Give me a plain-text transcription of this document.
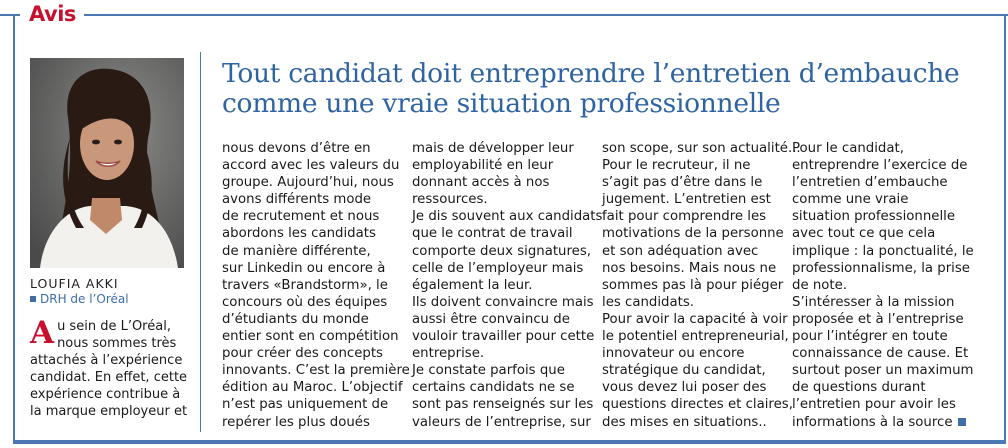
Avis
LOUFIA AKKI
DRH de l’Oréal
A u sein de L’Oréal,
nous sommes très
attachés à l’expérience
candidat. En effet, cette
expérience contribue à
la marque employeur et
Tout candidat doit entreprendre l’entretien d’embauche
comme une vraie situation professionnelle
nous devons d’être en
accord avec les valeurs du
groupe. Aujourd’hui, nous
avons différents mode
de recrutement et nous
abordons les candidats
de manière différente,
sur Linkedin ou encore à
travers «Brandstorm», le
concours où des équipes
d’étudiants du monde
entier sont en compétition
pour créer des concepts
innovants. C’est la première
édition au Maroc. L’objectif
n’est pas uniquement de
repérer les plus doués
mais de développer leur
employabilité en leur
donnant accès à nos
ressources.
Je dis souvent aux candidats
que le contrat de travail
comporte deux signatures,
celle de l’employeur mais
également la leur.
Ils doivent convaincre mais
aussi être convaincu de
vouloir travailler pour cette
entreprise.
Je constate parfois que
certains candidats ne se
sont pas renseignés sur les
valeurs de l’entreprise, sur
son scope, sur son actualité...
Pour le recruteur, il ne
s’agit pas d’être dans le
jugement. L’entretien est
fait pour comprendre les
motivations de la personne
et son adéquation avec
nos besoins. Mais nous ne
sommes pas là pour piéger
les candidats.
Pour avoir la capacité à voir
le potentiel entrepreneurial,
innovateur ou encore
stratégique du candidat,
vous devez lui poser des
questions directes et claires,
des mises en situations..
Pour le candidat,
entreprendre l’exercice de
l’entretien d’embauche
comme une vraie
situation professionnelle
avec tout ce que cela
implique : la ponctualité, le
professionnalisme, la prise
de note.
S’intéresser à la mission
proposée et à l’entreprise
pour l’intégrer en toute
connaissance de cause. Et
surtout poser un maximum
de questions durant
l’entretien pour avoir les
informations à la source
